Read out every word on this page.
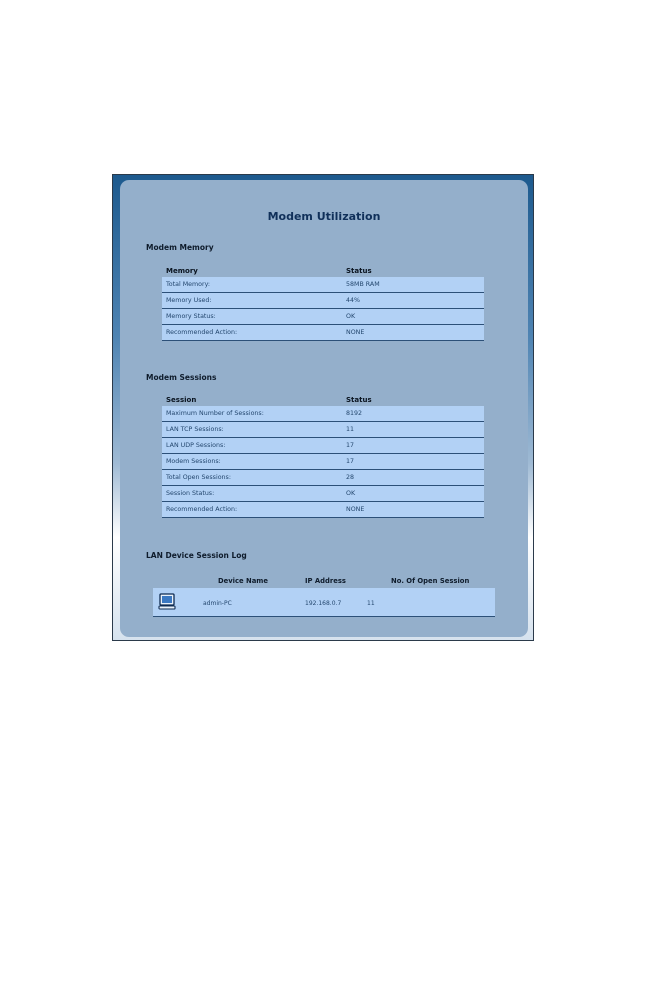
Modem Utilization
Modem Memory
Memory	Status
Total Memory:	58MB RAM
Memory Used:	44%
Memory Status:	OK
Recommended Action:	NONE
Modem Sessions
Session	Status
Maximum Number of Sessions:	8192
LAN TCP Sessions:	11
LAN UDP Sessions:	17
Modem Sessions:	17
Total Open Sessions:	28
Session Status:	OK
Recommended Action:	NONE
LAN Device Session Log
Device Name	IP Address	No. Of Open Session
admin-PC	192.168.0.7	11
